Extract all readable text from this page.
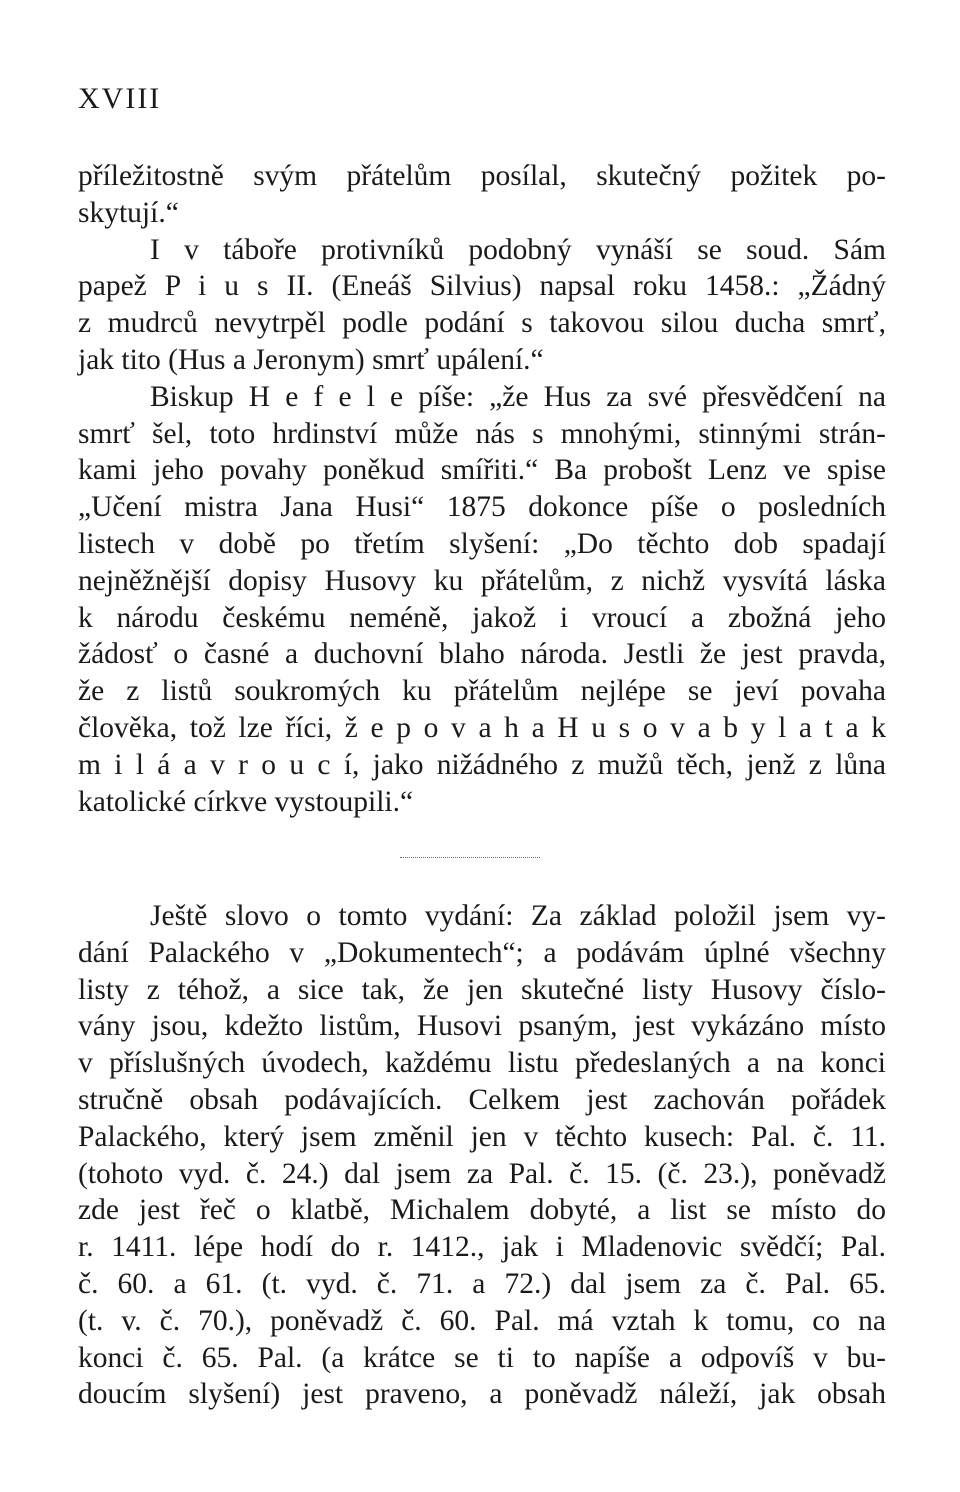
XVIII
příležitostně svým přátelům posílal, skutečný požitek po-
skytují.“
I v táboře protivníků podobný vynáší se soud. Sám
papež P i u s II. (Eneáš Silvius) napsal roku 1458.: „Žádný
z mudrců nevytrpěl podle podání s takovou silou ducha smrť,
jak tito (Hus a Jeronym) smrť upálení.“
Biskup H e f e l e píše: „že Hus za své přesvědčení na
smrť šel, toto hrdinství může nás s mnohými, stinnými strán-
kami jeho povahy poněkud smířiti.“ Ba probošt Lenz ve spise
„Učení mistra Jana Husi“ 1875 dokonce píše o posledních
listech v době po třetím slyšení: „Do těchto dob spadají
nejněžnější dopisy Husovy ku přátelům, z nichž vysvítá láska
k národu českému neméně, jakož i vroucí a zbožná jeho
žádosť o časné a duchovní blaho národa. Jestli že jest pravda,
že z listů soukromých ku přátelům nejlépe se jeví povaha
člověka, tož lze říci, ž e p o v a h a H u s o v a b y l a t a k
m i l á a v r o u c í, jako nižádného z mužů těch, jenž z lůna
katolické církve vystoupili.“
Ještě slovo o tomto vydání: Za základ položil jsem vy-
dání Palackého v „Dokumentech“; a podávám úplné všechny
listy z téhož, a sice tak, že jen skutečné listy Husovy číslo-
vány jsou, kdežto listům, Husovi psaným, jest vykázáno místo
v příslušných úvodech, každému listu předeslaných a na konci
stručně obsah podávajících. Celkem jest zachován pořádek
Palackého, který jsem změnil jen v těchto kusech: Pal. č. 11.
(tohoto vyd. č. 24.) dal jsem za Pal. č. 15. (č. 23.), poněvadž
zde jest řeč o klatbě, Michalem dobyté, a list se místo do
r. 1411. lépe hodí do r. 1412., jak i Mladenovic svědčí; Pal.
č. 60. a 61. (t. vyd. č. 71. a 72.) dal jsem za č. Pal. 65.
(t. v. č. 70.), poněvadž č. 60. Pal. má vztah k tomu, co na
konci č. 65. Pal. (a krátce se ti to napíše a odpovíš v bu-
doucím slyšení) jest praveno, a poněvadž náleží, jak obsah
